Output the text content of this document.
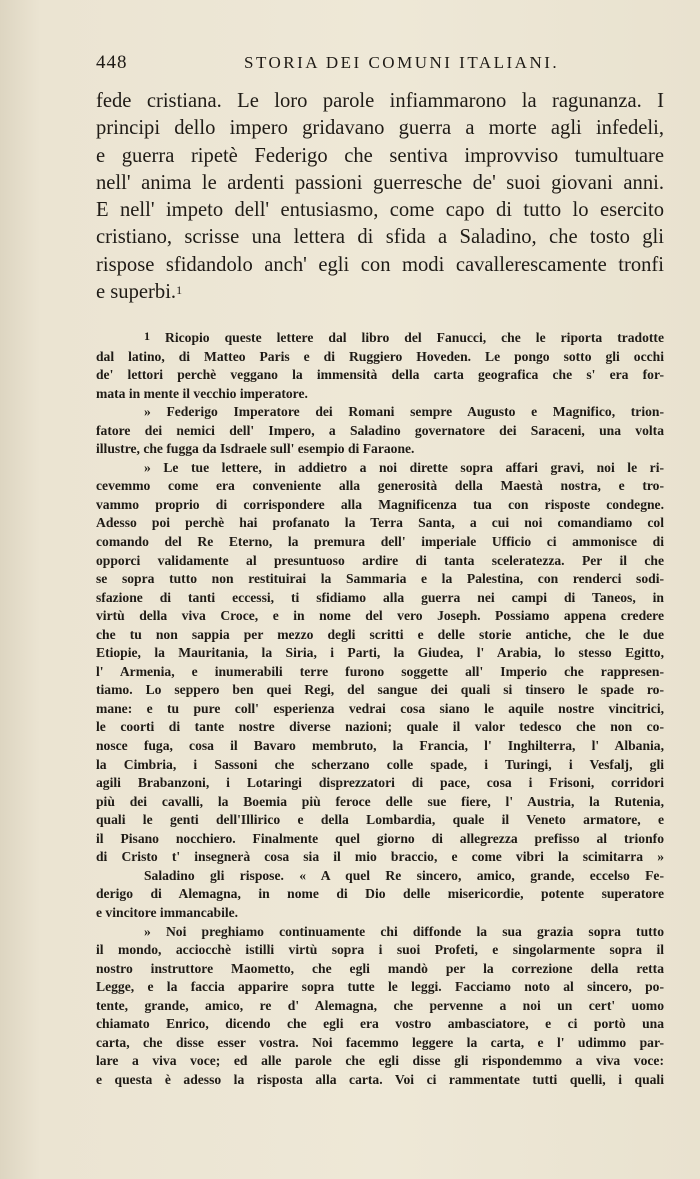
448	STORIA DEI COMUNI ITALIANI.
fede cristiana. Le loro parole infiammarono la ragunanza. I
principi dello impero gridavano guerra a morte agli infedeli,
e guerra ripetè Federigo che sentiva improvviso tumultuare
nell' anima le ardenti passioni guerresche de' suoi giovani anni.
E nell' impeto dell' entusiasmo, come capo di tutto lo esercito
cristiano, scrisse una lettera di sfida a Saladino, che tosto gli
rispose sfidandolo anch' egli con modi cavallerescamente tronfi
e superbi.$^1$
$^1$ Ricopio queste lettere dal libro del Fanucci, che le riporta tradotte
dal latino, di Matteo Paris e di Ruggiero Hoveden. Le pongo sotto gli occhi
de' lettori perchè veggano la immensità della carta geografica che s' era for-
mata in mente il vecchio imperatore.
» Federigo Imperatore dei Romani sempre Augusto e Magnifico, trion-
fatore dei nemici dell' Impero, a Saladino governatore dei Saraceni, una volta
illustre, che fugga da Isdraele sull' esempio di Faraone.
» Le tue lettere, in addietro a noi dirette sopra affari gravi, noi le ri-
cevemmo come era conveniente alla generosità della Maestà nostra, e tro-
vammo proprio di corrispondere alla Magnificenza tua con risposte condegne.
Adesso poi perchè hai profanato la Terra Santa, a cui noi comandiamo col
comando del Re Eterno, la premura dell' imperiale Ufficio ci ammonisce di
opporci validamente al presuntuoso ardire di tanta sceleratezza. Per il che
se sopra tutto non restituirai la Sammaria e la Palestina, con renderci sodi-
sfazione di tanti eccessi, ti sfidiamo alla guerra nei campi di Taneos, in
virtù della viva Croce, e in nome del vero Joseph. Possiamo appena credere
che tu non sappia per mezzo degli scritti e delle storie antiche, che le due
Etiopie, la Mauritania, la Siria, i Parti, la Giudea, l' Arabia, lo stesso Egitto,
l' Armenia, e inumerabili terre furono soggette all' Imperio che rappresen-
tiamo. Lo seppero ben quei Regi, del sangue dei quali si tinsero le spade ro-
mane: e tu pure coll' esperienza vedrai cosa siano le aquile nostre vincitrici,
le coorti di tante nostre diverse nazioni; quale il valor tedesco che non co-
nosce fuga, cosa il Bavaro membruto, la Francia, l' Inghilterra, l' Albania,
la Cimbria, i Sassoni che scherzano colle spade, i Turingi, i Vesfalj, gli
agili Brabanzoni, i Lotaringi disprezzatori di pace, cosa i Frisoni, corridori
più dei cavalli, la Boemia più feroce delle sue fiere, l' Austria, la Rutenia,
quali le genti dell'Illirico e della Lombardia, quale il Veneto armatore, e
il Pisano nocchiero. Finalmente quel giorno di allegrezza prefisso al trionfo
di Cristo t' insegnerà cosa sia il mio braccio, e come vibri la scimitarra »
Saladino gli rispose. « A quel Re sincero, amico, grande, eccelso Fe-
derigo di Alemagna, in nome di Dio delle misericordie, potente superatore
e vincitore immancabile.
» Noi preghiamo continuamente chi diffonde la sua grazia sopra tutto
il mondo, acciocchè istilli virtù sopra i suoi Profeti, e singolarmente sopra il
nostro instruttore Maometto, che egli mandò per la correzione della retta
Legge, e la faccia apparire sopra tutte le leggi. Facciamo noto al sincero, po-
tente, grande, amico, re d' Alemagna, che pervenne a noi un cert' uomo
chiamato Enrico, dicendo che egli era vostro ambasciatore, e ci portò una
carta, che disse esser vostra. Noi facemmo leggere la carta, e l' udimmo par-
lare a viva voce; ed alle parole che egli disse gli rispondemmo a viva voce:
e questa è adesso la risposta alla carta. Voi ci rammentate tutti quelli, i quali
